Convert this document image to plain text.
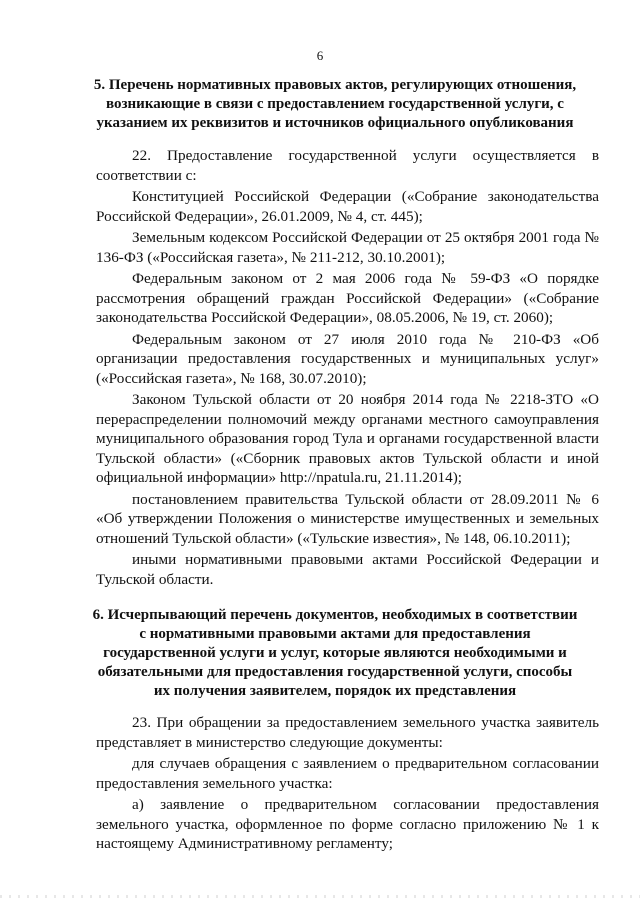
6
5. Перечень нормативных правовых актов, регулирующих отношения, возникающие в связи с предоставлением государственной услуги, с указанием их реквизитов и источников официального опубликования

22. Предоставление государственной услуги осуществляется в соответствии с:

Конституцией Российской Федерации («Собрание законодательства Российской Федерации», 26.01.2009, № 4, ст. 445);

Земельным кодексом Российской Федерации от 25 октября 2001 года № 136-ФЗ («Российская газета», № 211-212, 30.10.2001);

Федеральным законом от 2 мая 2006 года № 59-ФЗ «О порядке рассмотрения обращений граждан Российской Федерации» («Собрание законодательства Российской Федерации», 08.05.2006, № 19, ст. 2060);

Федеральным законом от 27 июля 2010 года № 210-ФЗ «Об организации предоставления государственных и муниципальных услуг» («Российская газета», № 168, 30.07.2010);

Законом Тульской области от 20 ноября 2014 года № 2218-ЗТО «О перераспределении полномочий между органами местного самоуправления муниципального образования город Тула и органами государственной власти Тульской области» («Сборник правовых актов Тульской области и иной официальной информации» http://npatula.ru, 21.11.2014);

постановлением правительства Тульской области от 28.09.2011 № 6 «Об утверждении Положения о министерстве имущественных и земельных отношений Тульской области» («Тульские известия», № 148, 06.10.2011);

иными нормативными правовыми актами Российской Федерации и Тульской области.

6. Исчерпывающий перечень документов, необходимых в соответствии с нормативными правовыми актами для предоставления государственной услуги и услуг, которые являются необходимыми и обязательными для предоставления государственной услуги, способы их получения заявителем, порядок их представления

23. При обращении за предоставлением земельного участка заявитель представляет в министерство следующие документы:

для случаев обращения с заявлением о предварительном согласовании предоставления земельного участка:

а) заявление о предварительном согласовании предоставления земельного участка, оформленное по форме согласно приложению № 1 к настоящему Административному регламенту;
